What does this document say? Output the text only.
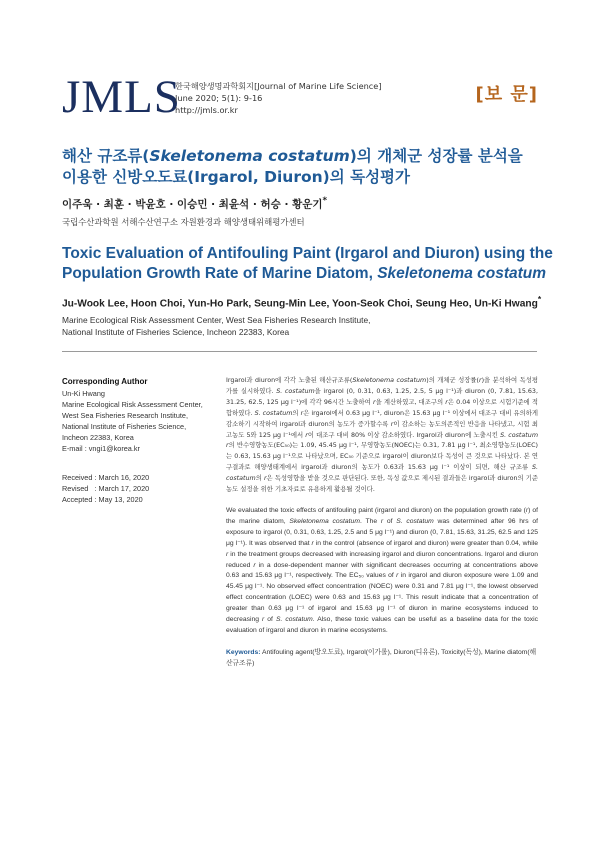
JMLS
한국해양생명과학회지[Journal of Marine Life Science]
June 2020; 5(1): 9-16
http://jmls.or.kr
[보 문]
해산 규조류(Skeletonema costatum)의 개체군 성장률 분석을 이용한 신방오도료(Irgarol, Diuron)의 독성평가
이주욱 · 최훈 · 박윤호 · 이승민 · 최윤석 · 허승 · 황운기*
국립수산과학원 서해수산연구소 자원환경과 해양생태위해평가센터
Toxic Evaluation of Antifouling Paint (Irgarol and Diuron) using the Population Growth Rate of Marine Diatom, Skeletonema costatum
Ju-Wook Lee, Hoon Choi, Yun-Ho Park, Seung-Min Lee, Yoon-Seok Choi, Seung Heo, Un-Ki Hwang*
Marine Ecological Risk Assessment Center, West Sea Fisheries Research Institute,
National Institute of Fisheries Science, Incheon 22383, Korea
Corresponding Author
Un-Ki Hwang
Marine Ecological Risk Assessment Center,
West Sea Fisheries Research Institute,
National Institute of Fisheries Science,
Incheon 22383, Korea
E-mail : vngi1@korea.kr
Received : March 16, 2020
Revised   : March 17, 2020
Accepted : May 13, 2020

Irgarol과 diuron에 각각 노출된 해산규조류(Skeletonema costatum)의 개체군 성장률(r)을 분석하여 독성평가를 실시하였다. S. costatum을 irgarol (0, 0.31, 0.63, 1.25, 2.5, 5 μg l⁻¹)과 diuron (0, 7.81, 15.63, 31.25, 62.5, 125 μg l⁻¹)에 각각 96시간 노출하여 r을 계산하였고, 대조구의 r은 0.04 이상으로 시험기준에 적합하였다. S. costatum의 r은 irgarol에서 0.63 μg l⁻¹, diuron은 15.63 μg l⁻¹ 이상에서 대조구 대비 유의하게 감소하기 시작하여 irgarol과 diuron의 농도가 증가할수록 r이 감소하는 농도의존적인 반응을 나타냈고, 시험 최고농도 5와 125 μg l⁻¹에서 r이 대조구 대비 80% 이상 감소하였다. Irgarol과 diuron에 노출시킨 S. costatum r의 반수영향농도(EC₅₀)는 1.09, 45.45 μg l⁻¹, 무영향농도(NOEC)는 0.31, 7.81 μg l⁻¹, 최소영향농도(LOEC)는 0.63, 15.63 μg l⁻¹으로 나타났으며, EC₅₀ 기준으로 irgarol이 diuron보다 독성이 큰 것으로 나타났다. 본 연구결과로 해양생태계에서 irgarol과 diuron의 농도가 0.63과 15.63 μg l⁻¹ 이상이 되면, 해산 규조류 S. costatum의 r은 독성영향을 받을 것으로 판단된다. 또한, 독성 값으로 제시된 결과들은 irgarol과 diuron의 기준농도 설정을 위한 기초자료로 유용하게 활용될 것이다.

We evaluated the toxic effects of antifouling paint (irgarol and diuron) on the population growth rate (r) of the marine diatom, Skeletonema costatum. The r of S. costatum was determined after 96 hrs of exposure to irgarol (0, 0.31, 0.63, 1.25, 2.5 and 5 μg l⁻¹) and diuron (0, 7.81, 15.63, 31.25, 62.5 and 125 μg l⁻¹). It was observed that r in the control (absence of irgarol and diuron) were greater than 0.04, while r in the treatment groups decreased with increasing irgarol and diuron concentrations. Irgarol and diuron reduced r in a dose-dependent manner with significant decreases occurring at concentrations above 0.63 and 15.63 μg l⁻¹, respectively. The EC₅₀ values of r in irgarol and diuron exposure were 1.09 and 45.45 μg l⁻¹. No observed effect concentration (NOEC) were 0.31 and 7.81 μg l⁻¹, the lowest observed effect concentration (LOEC) were 0.63 and 15.63 μg l⁻¹. This result indicate that a concentration of greater than 0.63 μg l⁻¹ of irgarol and 15.63 μg l⁻¹ of diuron in marine ecosystems induced to decreasing r of S. costatum. Also, these toxic values can be useful as a baseline data for the toxic evaluation of irgarol and diuron in marine ecosystems.

Keywords: Antifouling agent(방오도료), Irgarol(이가롤), Diuron(디유론), Toxicity(독성), Marine diatom(해산규조류)
